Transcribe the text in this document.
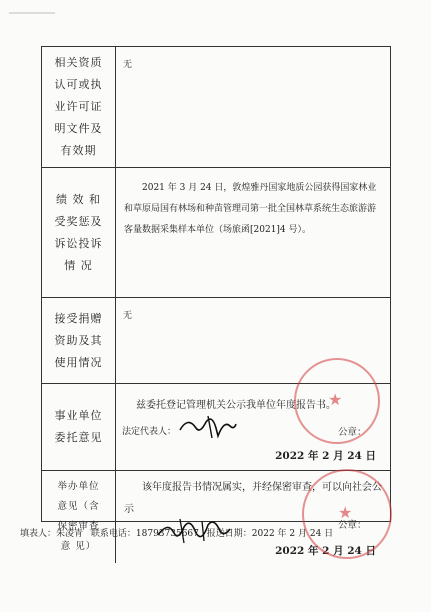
相关资质
认可或执
业许可证
明文件及
有效期
无
绩 效 和
受奖惩及
诉讼投诉
情 况
2021 年 3 月 24 日，敦煌雅丹国家地质公园获得国家林业和草原局国有林场和种苗管理司第一批全国林草系统生态旅游游客量数据采集样本单位（场旅函[2021]4 号）。
接受捐赠
资助及其
使用情况
无
事业单位
委托意见
兹委托登记管理机关公示我单位年度报告书。
法定代表人：	公章：
2022 年 2 月 24 日
★
举办单位
意见（含
保密审查
意 见）
该年度报告书情况属实，并经保密审查，可以向社会公示
公章：
2022 年 2 月 24 日
★
填表人：朱凌青 联系电话：18793735667 报送日期：2022 年 2 月 24 日
